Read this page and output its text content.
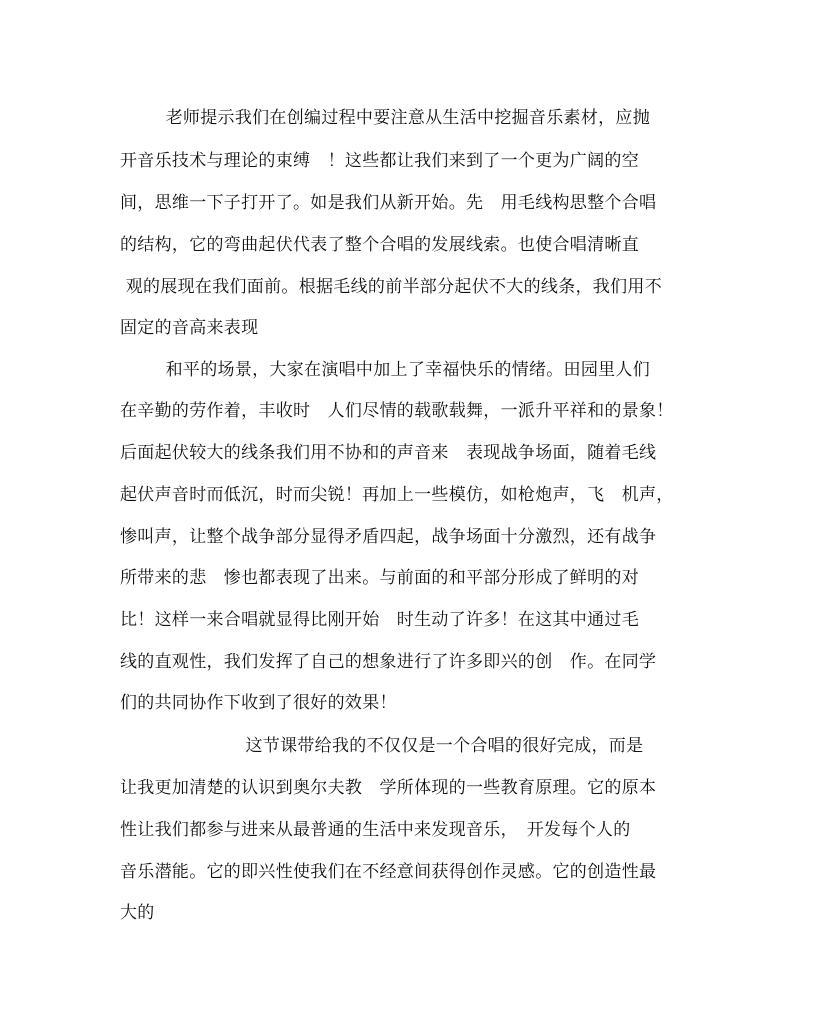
老师提示我们在创编过程中要注意从生活中挖掘音乐素材，应抛
开音乐技术与理论的束缚　！这些都让我们来到了一个更为广阔的空
间，思维一下子打开了。如是我们从新开始。先　用毛线构思整个合唱
的结构，它的弯曲起伏代表了整个合唱的发展线索。也使合唱清晰直
观的展现在我们面前。根据毛线的前半部分起伏不大的线条，我们用不
固定的音高来表现
和平的场景，大家在演唱中加上了幸福快乐的情绪。田园里人们
在辛勤的劳作着，丰收时　人们尽情的载歌载舞，一派升平祥和的景象！
后面起伏较大的线条我们用不协和的声音来　表现战争场面，随着毛线
起伏声音时而低沉，时而尖锐！再加上一些模仿，如枪炮声，飞　机声，
惨叫声，让整个战争部分显得矛盾四起，战争场面十分激烈，还有战争
所带来的悲　惨也都表现了出来。与前面的和平部分形成了鲜明的对
比！这样一来合唱就显得比刚开始　时生动了许多！在这其中通过毛
线的直观性，我们发挥了自己的想象进行了许多即兴的创　作。在同学
们的共同协作下收到了很好的效果！
这节课带给我的不仅仅是一个合唱的很好完成，而是
让我更加清楚的认识到奥尔夫教　学所体现的一些教育原理。它的原本
性让我们都参与进来从最普通的生活中来发现音乐，　开发每个人的
音乐潜能。它的即兴性使我们在不经意间获得创作灵感。它的创造性最
大的
